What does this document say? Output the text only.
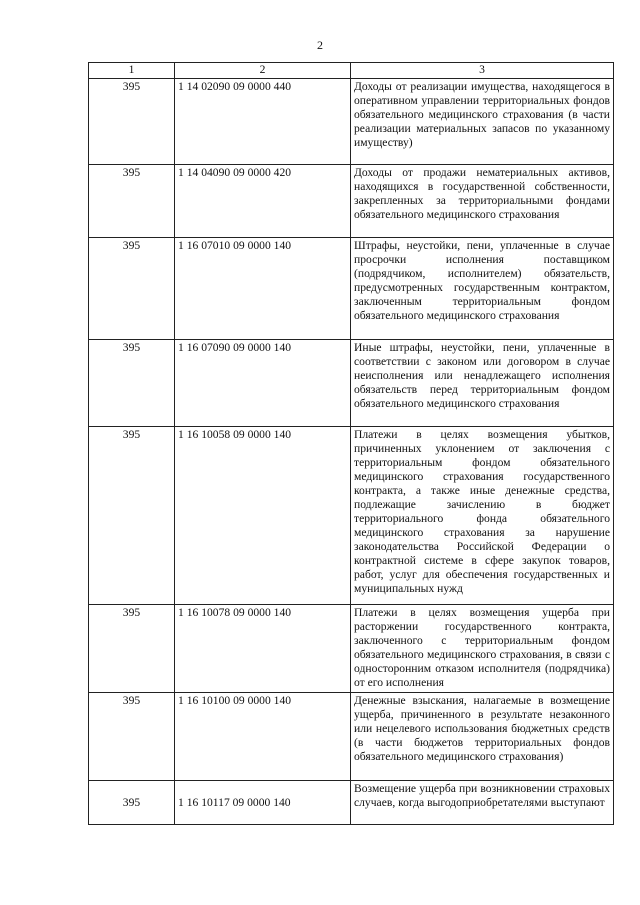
2
1	2	3
395	1 14 02090 09 0000 440	Доходы от реализации имущества, находящегося в оперативном управлении территориальных фондов обязательного медицинского страхования (в части реализации материальных запасов по указанному имуществу)
395	1 14 04090 09 0000 420	Доходы от продажи нематериальных активов, находящихся в государственной собственности, закрепленных за территориальными фондами обязательного медицинского страхования
395	1 16 07010 09 0000 140	Штрафы, неустойки, пени, уплаченные в случае просрочки исполнения поставщиком (подрядчиком, исполнителем) обязательств, предусмотренных государственным контрактом, заключенным территориальным фондом обязательного медицинского страхования
395	1 16 07090 09 0000 140	Иные штрафы, неустойки, пени, уплаченные в соответствии с законом или договором в случае неисполнения или ненадлежащего исполнения обязательств перед территориальным фондом обязательного медицинского страхования
395	1 16 10058 09 0000 140	Платежи в целях возмещения убытков, причиненных уклонением от заключения с территориальным фондом обязательного медицинского страхования государственного контракта, а также иные денежные средства, подлежащие зачислению в бюджет территориального фонда обязательного медицинского страхования за нарушение законодательства Российской Федерации о контрактной системе в сфере закупок товаров, работ, услуг для обеспечения государственных и муниципальных нужд
395	1 16 10078 09 0000 140	Платежи в целях возмещения ущерба при расторжении государственного контракта, заключенного с территориальным фондом обязательного медицинского страхования, в связи с односторонним отказом исполнителя (подрядчика) от его исполнения
395	1 16 10100 09 0000 140	Денежные взыскания, налагаемые в возмещение ущерба, причиненного в результате незаконного или нецелевого использования бюджетных средств (в части бюджетов территориальных фондов обязательного медицинского страхования)
395	1 16 10117 09 0000 140	Возмещение ущерба при возникновении страховых случаев, когда выгодоприобретателями выступают
